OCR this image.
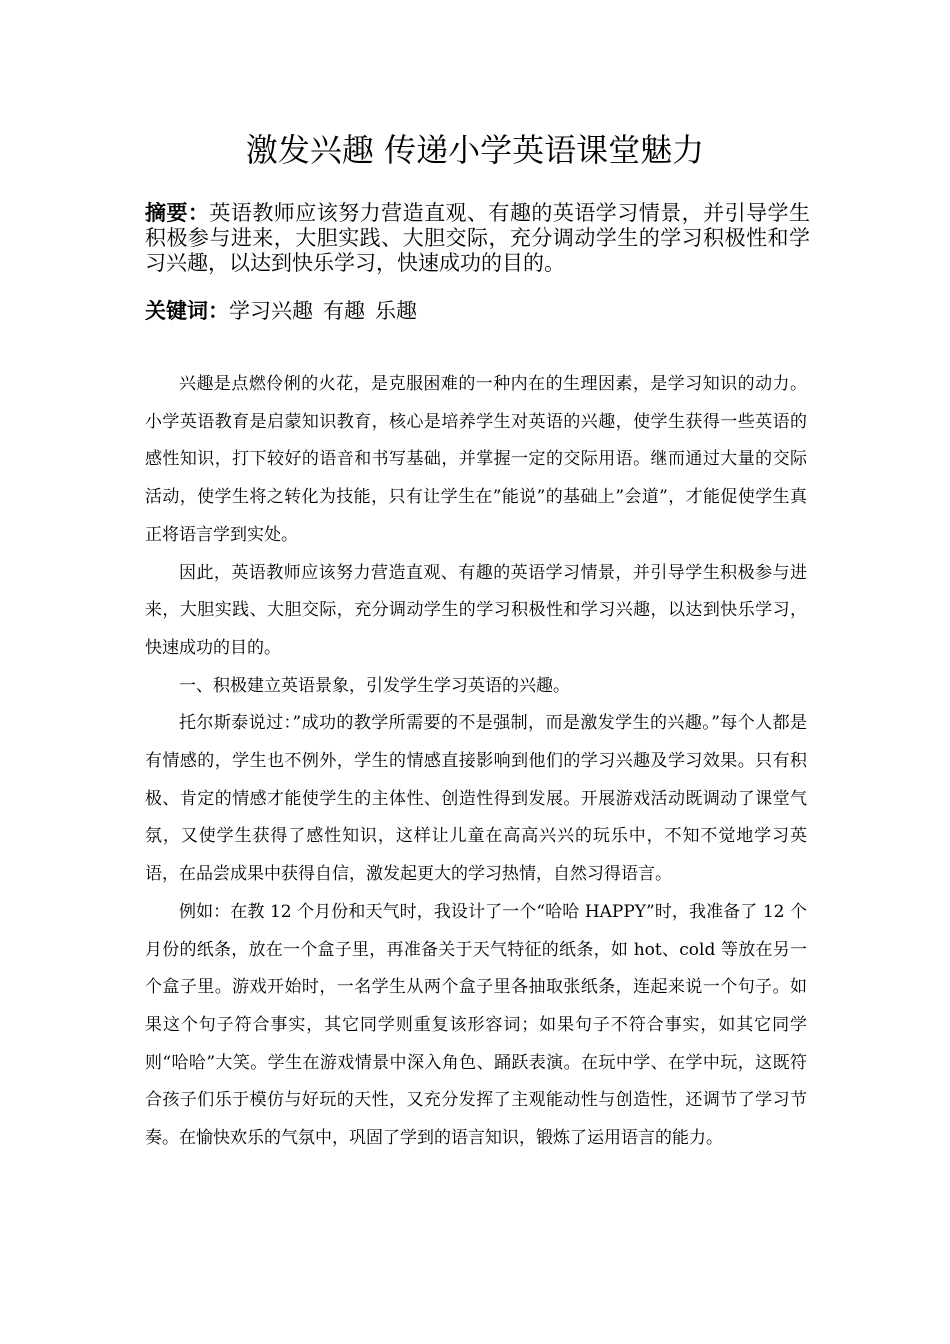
激发兴趣 传递小学英语课堂魅力
摘要：英语教师应该努力营造直观、有趣的英语学习情景，并引导学生积极参与进来，大胆实践、大胆交际，充分调动学生的学习积极性和学习兴趣，以达到快乐学习，快速成功的目的。
关键词：学习兴趣 有趣 乐趣

兴趣是点燃伶俐的火花，是克服困难的一种内在的生理因素，是学习知识的动力。小学英语教育是启蒙知识教育，核心是培养学生对英语的兴趣，使学生获得一些英语的感性知识，打下较好的语音和书写基础，并掌握一定的交际用语。继而通过大量的交际活动，使学生将之转化为技能，只有让学生在”能说”的基础上”会道”，才能促使学生真正将语言学到实处。

因此，英语教师应该努力营造直观、有趣的英语学习情景，并引导学生积极参与进来，大胆实践、大胆交际，充分调动学生的学习积极性和学习兴趣，以达到快乐学习，快速成功的目的。

一、积极建立英语景象，引发学生学习英语的兴趣。

托尔斯泰说过：”成功的教学所需要的不是强制，而是激发学生的兴趣。”每个人都是有情感的，学生也不例外，学生的情感直接影响到他们的学习兴趣及学习效果。只有积极、肯定的情感才能使学生的主体性、创造性得到发展。开展游戏活动既调动了课堂气氛，又使学生获得了感性知识，这样让儿童在高高兴兴的玩乐中，不知不觉地学习英语，在品尝成果中获得自信，激发起更大的学习热情，自然习得语言。

例如：在教 12 个月份和天气时，我设计了一个“哈哈 HAPPY”时，我准备了 12 个月份的纸条，放在一个盒子里，再准备关于天气特征的纸条，如 hot、cold 等放在另一个盒子里。游戏开始时，一名学生从两个盒子里各抽取张纸条，连起来说一个句子。如果这个句子符合事实，其它同学则重复该形容词；如果句子不符合事实，如其它同学则“哈哈”大笑。学生在游戏情景中深入角色、踊跃表演。在玩中学、在学中玩，这既符合孩子们乐于模仿与好玩的天性，又充分发挥了主观能动性与创造性，还调节了学习节奏。在愉快欢乐的气氛中，巩固了学到的语言知识，锻炼了运用语言的能力。
